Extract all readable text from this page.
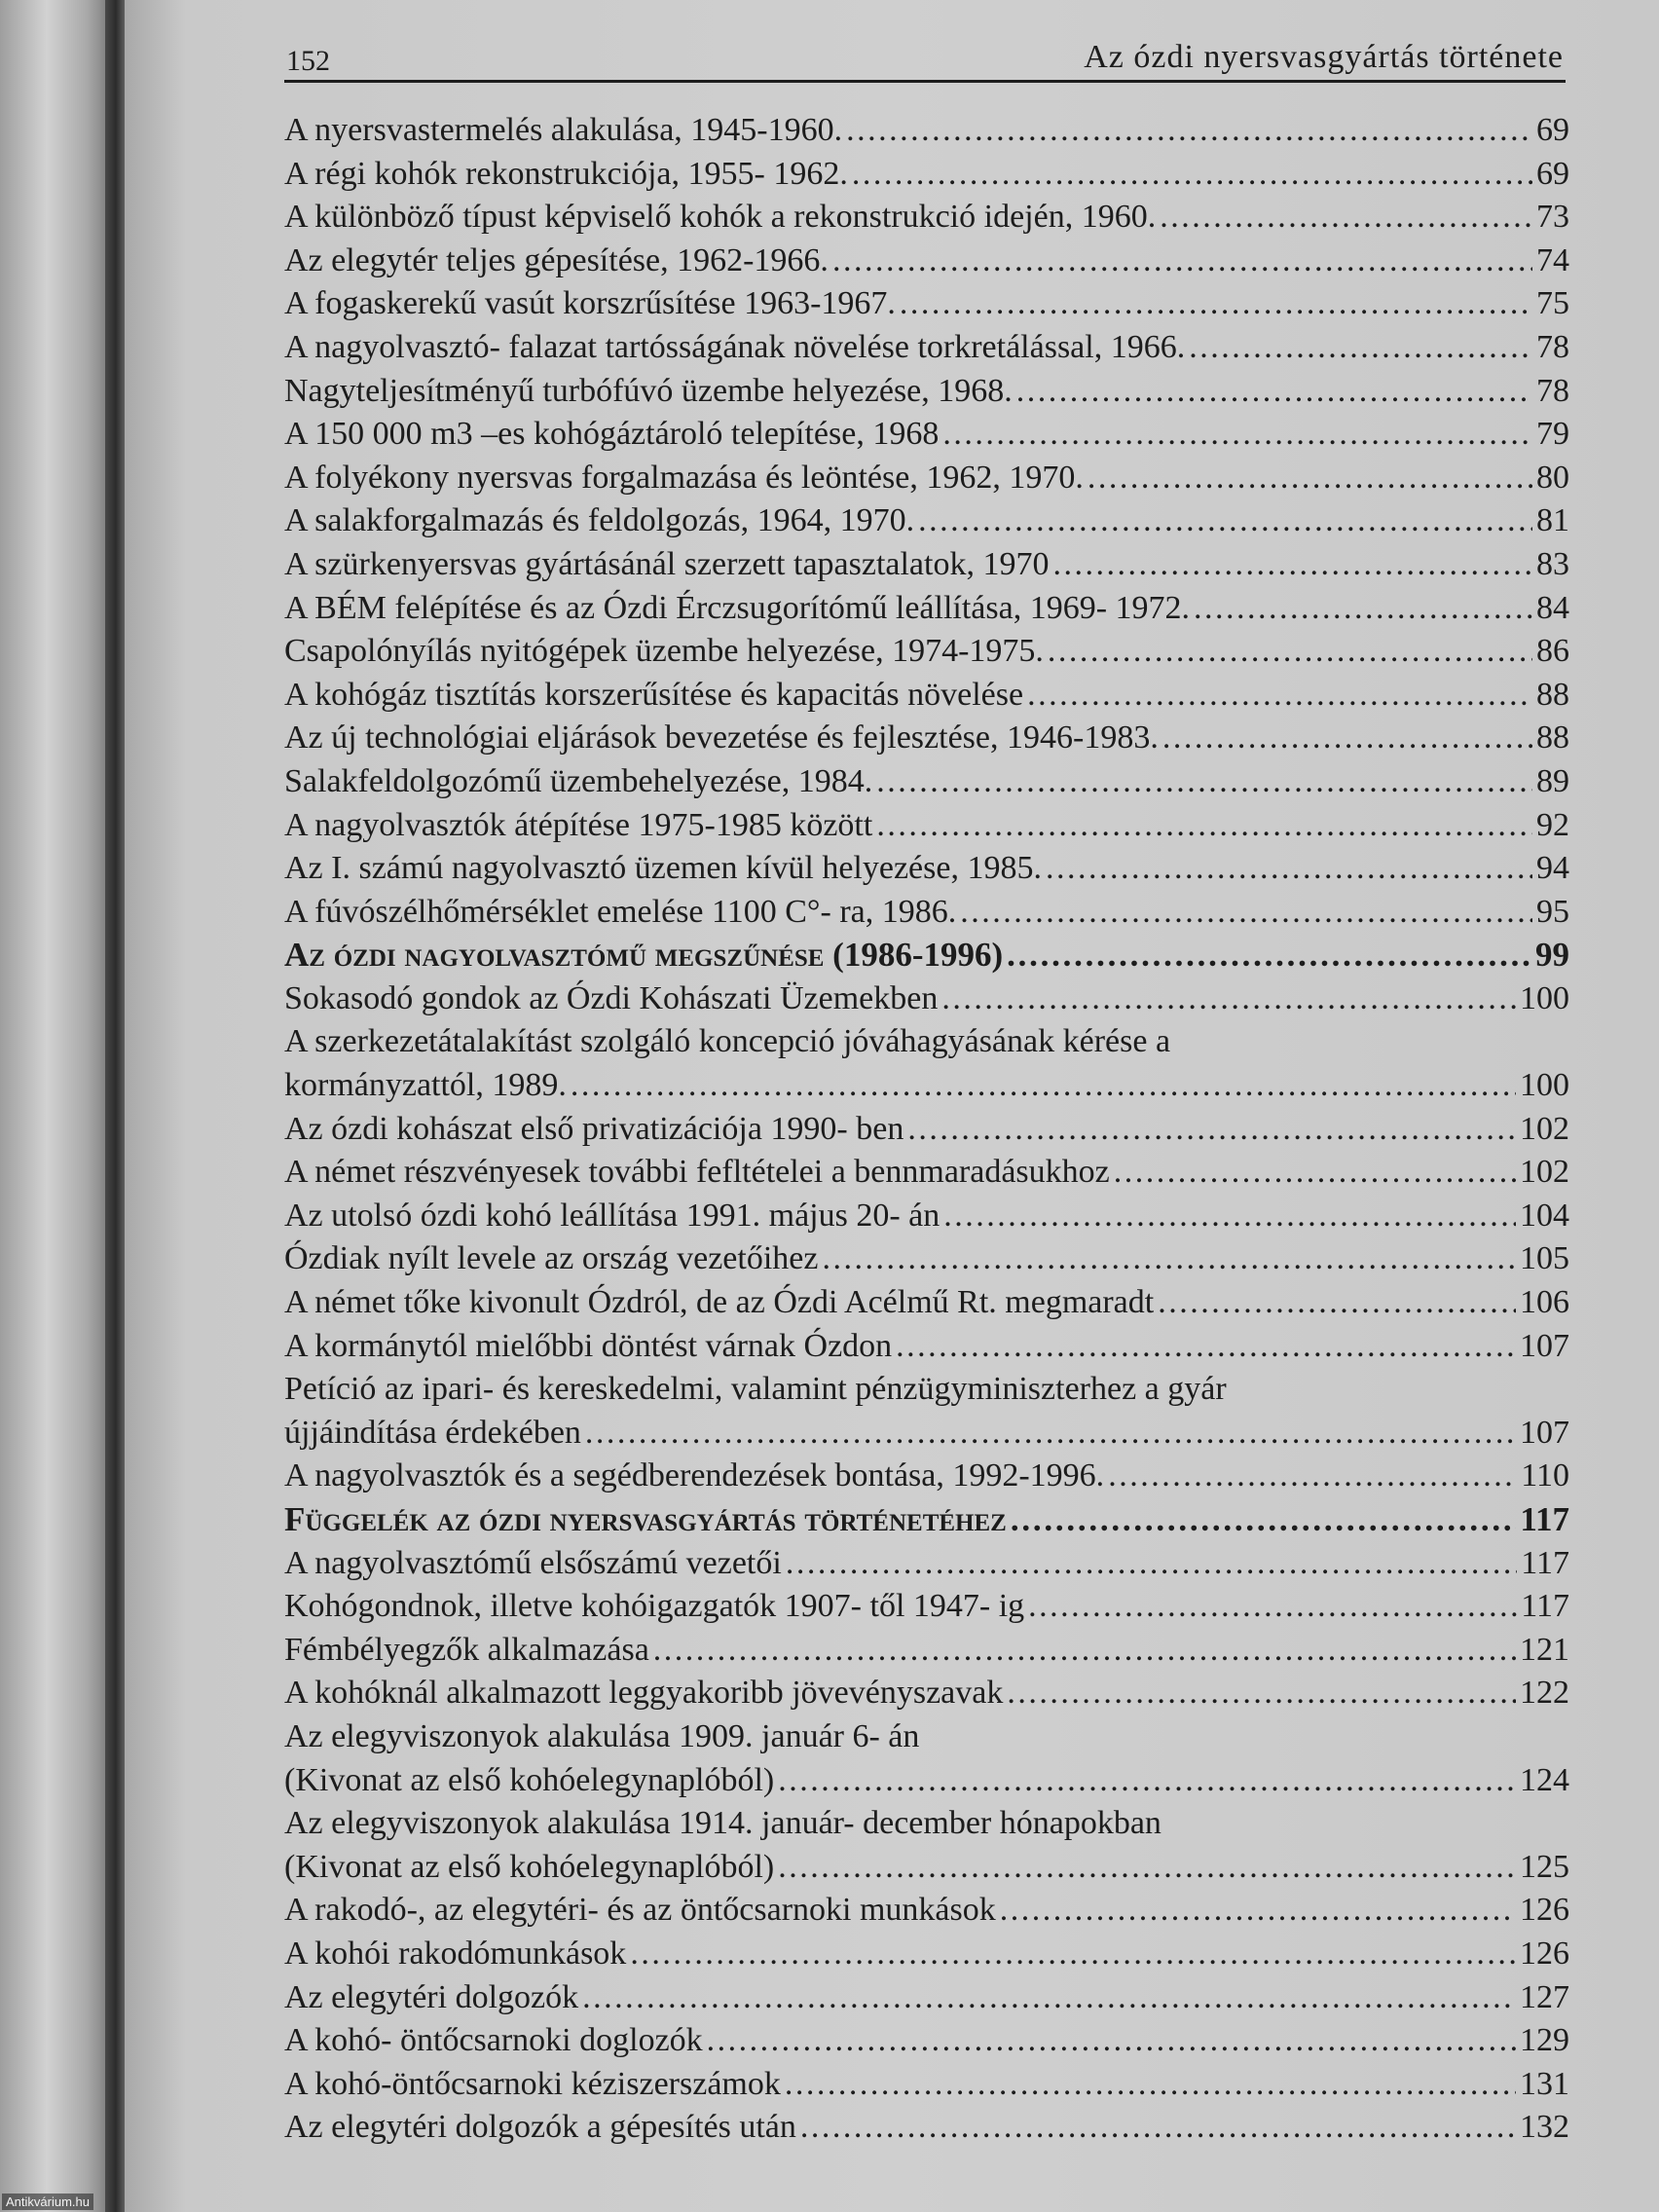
152	Az ózdi nyersvasgyártás története
A nyersvastermelés alakulása, 1945-1960. . . .	69
A régi kohók rekonstrukciója, 1955- 1962. . . .	69
A különböző típust képviselő kohók a rekonstrukció idején, 1960. . . .	73
Az elegytér teljes gépesítése, 1962-1966. . . .	74
A fogaskerekű vasút korszrűsítése 1963-1967. . . .	75
A nagyolvasztó- falazat tartósságának növelése torkretálással, 1966. . . .	78
Nagyteljesítményű turbófúvó üzembe helyezése, 1968. . . .	78
A 150 000 m3 –es kohógáztároló telepítése, 1968 . . .	79
A folyékony nyersvas forgalmazása és leöntése, 1962, 1970. . . .	80
A salakforgalmazás és feldolgozás, 1964, 1970. . . .	81
A szürkenyersvas gyártásánál szerzett tapasztalatok, 1970 . . .	83
A BÉM felépítése és az Ózdi Érczsugorítómű leállítása, 1969- 1972. . . .	84
Csapolónyílás nyitógépek üzembe helyezése, 1974-1975. . . .	86
A kohógáz tisztítás korszerűsítése és kapacitás növelése . . .	88
Az új technológiai eljárások bevezetése és fejlesztése, 1946-1983. . . .	88
Salakfeldolgozómű üzembehelyezése, 1984. . . .	89
A nagyolvasztók átépítése 1975-1985 között . . .	92
Az I. számú nagyolvasztó üzemen kívül helyezése, 1985. . . .	94
A fúvószélhőmérséklet emelése 1100 C°- ra, 1986. . . .	95
Az ózdi nagyolvasztómű megszűnése (1986-1996) . . .	99
Sokasodó gondok az Ózdi Kohászati Üzemekben . . .	100
A szerkezetátalakítást szolgáló koncepció jóváhagyásának kérése a
kormányzattól, 1989. . . .	100
Az ózdi kohászat első privatizációja 1990- ben . . .	102
A német részvényesek további fefltételei a bennmaradásukhoz . . .	102
Az utolsó ózdi kohó leállítása 1991. május 20- án . . .	104
Ózdiak nyílt levele az ország vezetőihez . . .	105
A német tőke kivonult Ózdról, de az Ózdi Acélmű Rt. megmaradt . . .	106
A kormánytól mielőbbi döntést várnak Ózdon . . .	107
Petíció az ipari- és kereskedelmi, valamint pénzügyminiszterhez a gyár
újjáindítása érdekében . . .	107
A nagyolvasztók és a segédberendezések bontása, 1992-1996. . . .	110
Függelék az ózdi nyersvasgyártás történetéhez . . .	117
A nagyolvasztómű elsőszámú vezetői . . .	117
Kohógondnok, illetve kohóigazgatók 1907- től 1947- ig . . .	117
Fémbélyegzők alkalmazása . . .	121
A kohóknál alkalmazott leggyakoribb jövevényszavak . . .	122
Az elegyviszonyok alakulása 1909. január 6- án
(Kivonat az első kohóelegynaplóból) . . .	124
Az elegyviszonyok alakulása 1914. január- december hónapokban
(Kivonat az első kohóelegynaplóból) . . .	125
A rakodó-, az elegytéri- és az öntőcsarnoki munkások . . .	126
A kohói rakodómunkások . . .	126
Az elegytéri dolgozók . . .	127
A kohó- öntőcsarnoki doglozók . . .	129
A kohó-öntőcsarnoki kéziszerszámok . . .	131
Az elegytéri dolgozók a gépesítés után . . .	132
Antikvárium.hu
